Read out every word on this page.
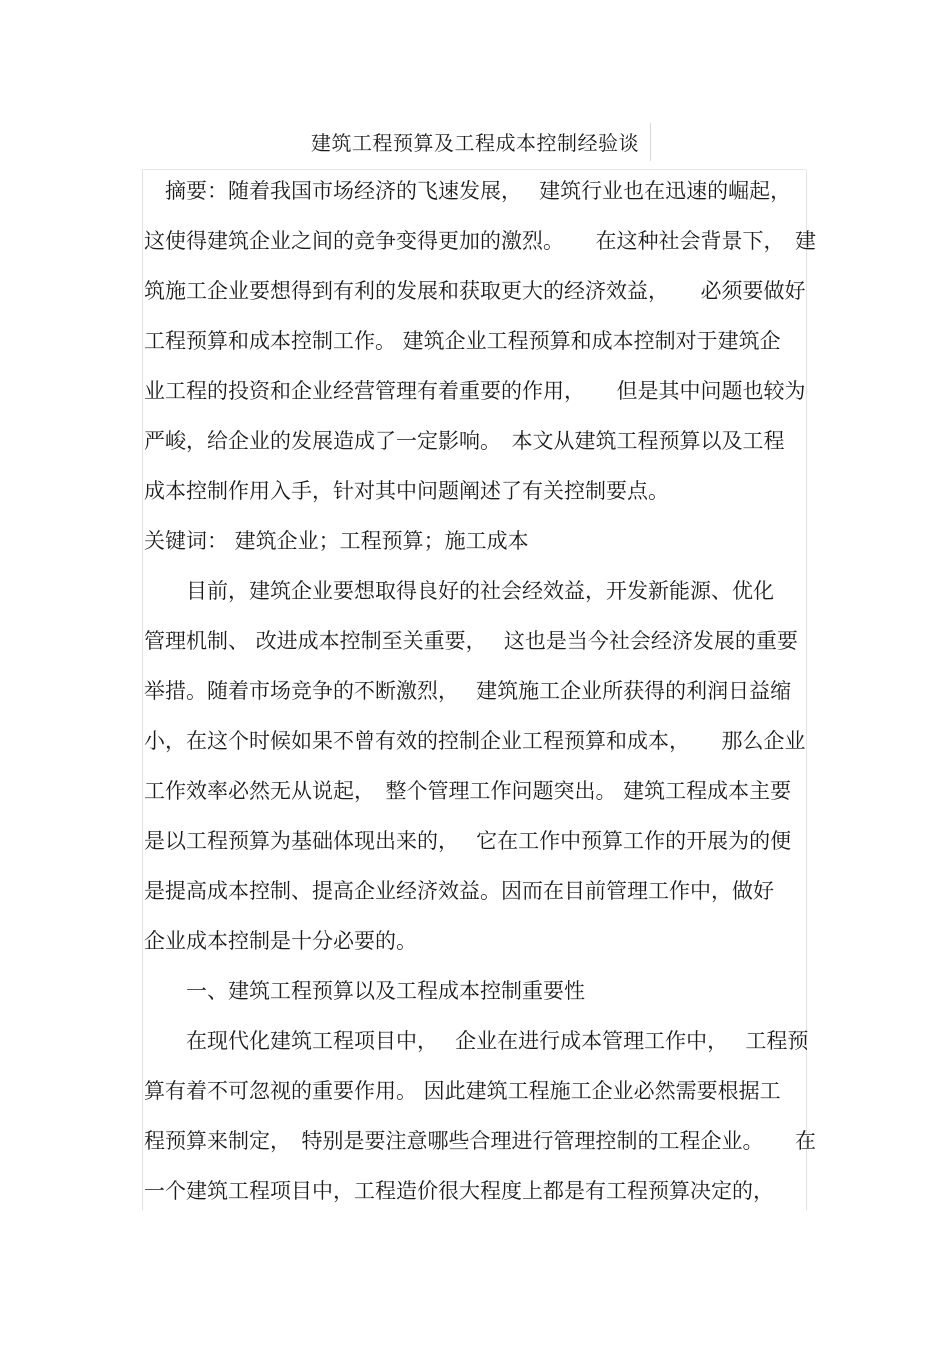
建筑工程预算及工程成本控制经验谈
　摘要：随着我国市场经济的飞速发展，　 建筑行业也在迅速的崛起，
这使得建筑企业之间的竞争变得更加的激烈。　　在这种社会背景下，　建
筑施工企业要想得到有利的发展和获取更大的经济效益，　　必须要做好
工程预算和成本控制工作。 建筑企业工程预算和成本控制对于建筑企
业工程的投资和企业经营管理有着重要的作用，　　但是其中问题也较为
严峻，给企业的发展造成了一定影响。　本文从建筑工程预算以及工程
成本控制作用入手，针对其中问题阐述了有关控制要点。
关键词： 建筑企业；工程预算；施工成本
　　目前，建筑企业要想取得良好的社会经效益，开发新能源、优化
管理机制、 改进成本控制至关重要，　 这也是当今社会经济发展的重要
举措。随着市场竞争的不断激烈，　 建筑施工企业所获得的利润日益缩
小，在这个时候如果不曾有效的控制企业工程预算和成本，　　那么企业
工作效率必然无从说起，　整个管理工作问题突出。 建筑工程成本主要
是以工程预算为基础体现出来的，　 它在工作中预算工作的开展为的便
是提高成本控制、提高企业经济效益。因而在目前管理工作中，做好
企业成本控制是十分必要的。
　　一、建筑工程预算以及工程成本控制重要性
　　在现代化建筑工程项目中，　 企业在进行成本管理工作中，　 工程预
算有着不可忽视的重要作用。 因此建筑工程施工企业必然需要根据工
程预算来制定，　特别是要注意哪些合理进行管理控制的工程企业。　　在
一个建筑工程项目中，工程造价很大程度上都是有工程预算决定的，
